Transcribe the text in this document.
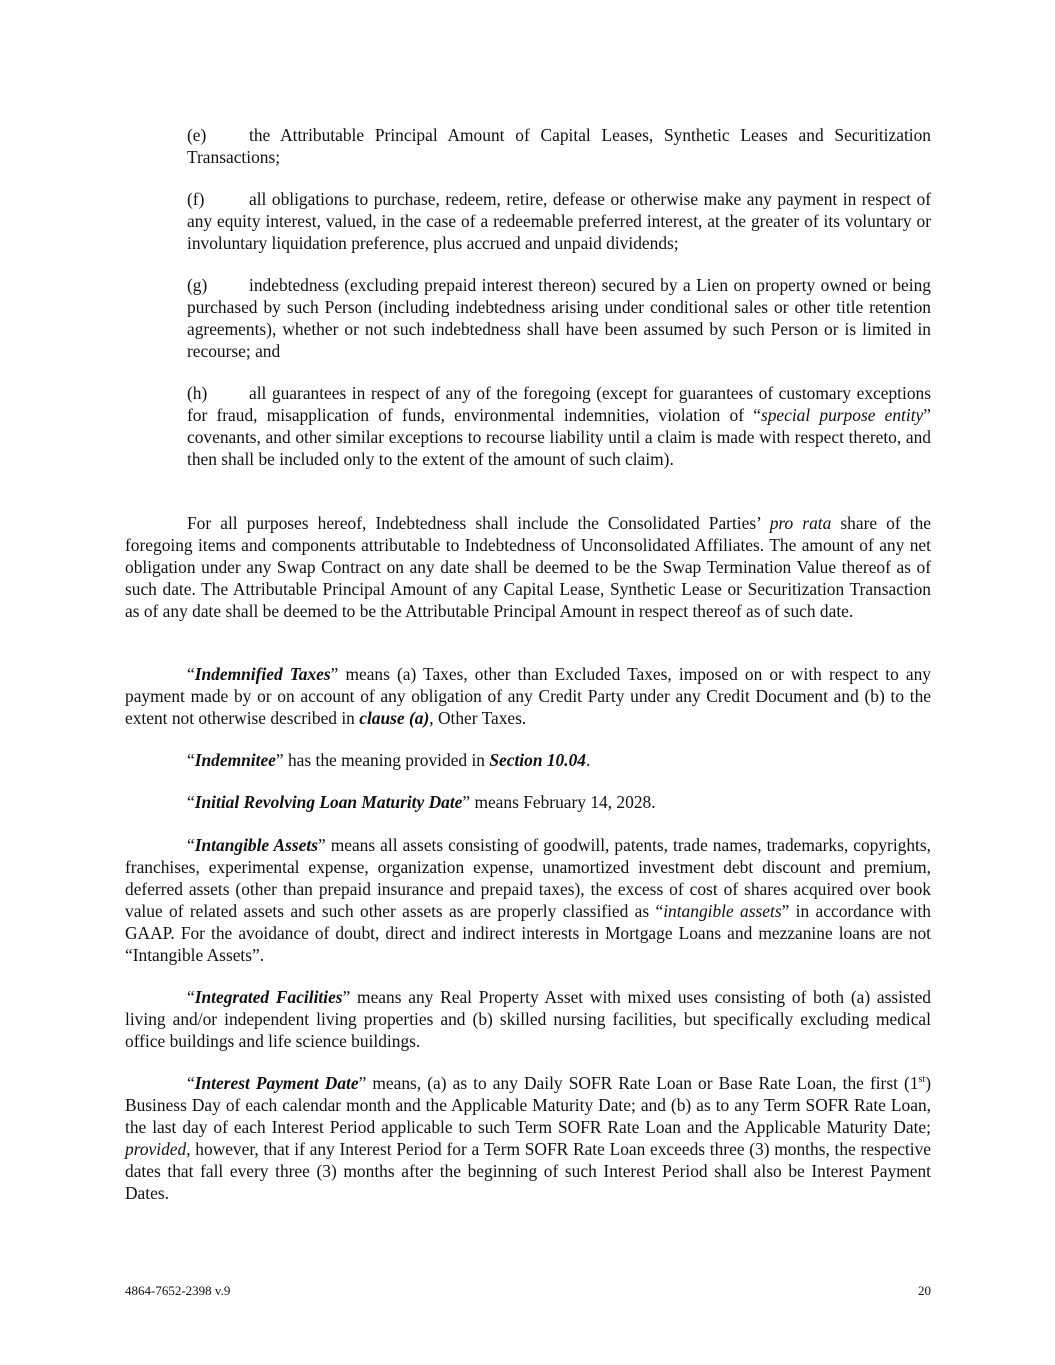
(e) the Attributable Principal Amount of Capital Leases, Synthetic Leases and Securitization Transactions;

(f)	all obligations to purchase, redeem, retire, defease or otherwise make any payment in respect of any equity interest, valued, in the case of a redeemable preferred interest, at the greater of its voluntary or involuntary liquidation preference, plus accrued and unpaid dividends;

(g) indebtedness (excluding prepaid interest thereon) secured by a Lien on property owned or being purchased by such Person (including indebtedness arising under conditional sales or other title retention agreements), whether or not such indebtedness shall have been assumed by such Person or is limited in recourse; and

(h) all guarantees in respect of any of the foregoing (except for guarantees of customary exceptions for fraud, misapplication of funds, environmental indemnities, violation of “special purpose entity” covenants, and other similar exceptions to recourse liability until a claim is made with respect thereto, and then shall be included only to the extent of the amount of such claim).

For all purposes hereof, Indebtedness shall include the Consolidated Parties’ pro rata share of the foregoing items and components attributable to Indebtedness of Unconsolidated Affiliates. The amount of any net obligation under any Swap Contract on any date shall be deemed to be the Swap Termination Value thereof as of such date. The Attributable Principal Amount of any Capital Lease, Synthetic Lease or Securitization Transaction as of any date shall be deemed to be the Attributable Principal Amount in respect thereof as of such date.

“Indemnified Taxes” means (a) Taxes, other than Excluded Taxes, imposed on or with respect to any payment made by or on account of any obligation of any Credit Party under any Credit Document and (b) to the extent not otherwise described in clause (a), Other Taxes.

“Indemnitee” has the meaning provided in Section 10.04.

“Initial Revolving Loan Maturity Date” means February 14, 2028.

“Intangible Assets” means all assets consisting of goodwill, patents, trade names, trademarks, copyrights, franchises, experimental expense, organization expense, unamortized investment debt discount and premium, deferred assets (other than prepaid insurance and prepaid taxes), the excess of cost of shares acquired over book value of related assets and such other assets as are properly classified as “intangible assets” in accordance with GAAP. For the avoidance of doubt, direct and indirect interests in Mortgage Loans and mezzanine loans are not “Intangible Assets”.

“Integrated Facilities” means any Real Property Asset with mixed uses consisting of both (a) assisted living and/or independent living properties and (b) skilled nursing facilities, but specifically excluding medical office buildings and life science buildings.

“Interest Payment Date” means, (a) as to any Daily SOFR Rate Loan or Base Rate Loan, the first (1st) Business Day of each calendar month and the Applicable Maturity Date; and (b) as to any Term SOFR Rate Loan, the last day of each Interest Period applicable to such Term SOFR Rate Loan and the Applicable Maturity Date; provided, however, that if any Interest Period for a Term SOFR Rate Loan exceeds three (3) months, the respective dates that fall every three (3) months after the beginning of such Interest Period shall also be Interest Payment Dates.

4864-7652-2398 v.9	20
